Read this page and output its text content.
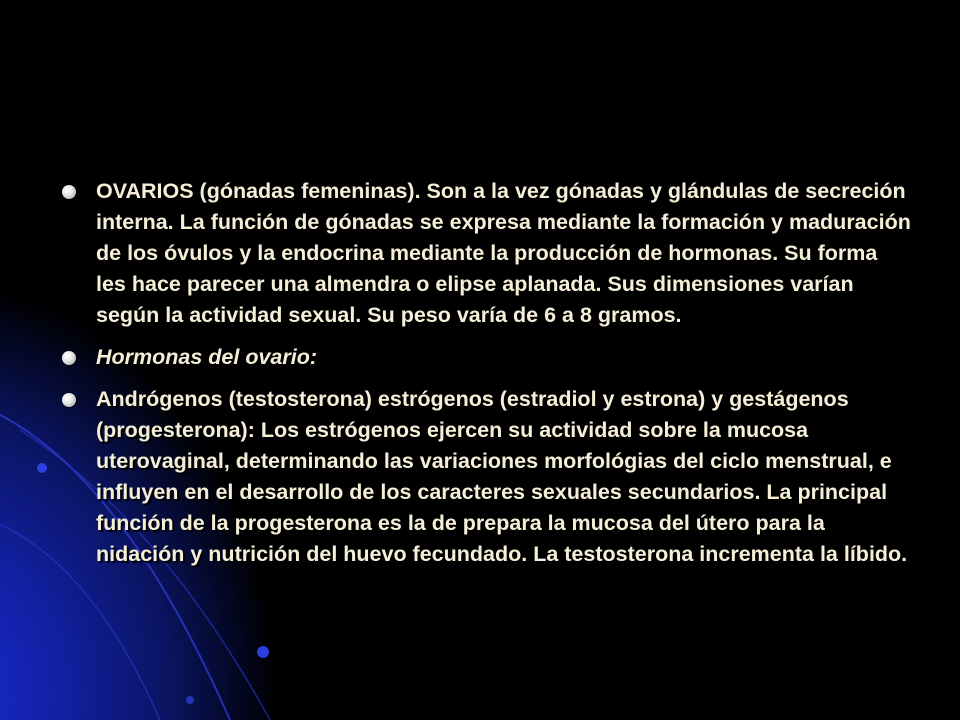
OVARIOS (gónadas femeninas). Son a la vez gónadas y glándulas de secreción interna. La función de gónadas se expresa mediante la formación y maduración de los óvulos y la endocrina mediante la producción de hormonas. Su forma les hace parecer una almendra o elipse aplanada. Sus dimensiones varían según la actividad sexual. Su peso varía de 6 a 8 gramos.
Hormonas del ovario:
Andrógenos (testosterona) estrógenos (estradiol y estrona) y gestágenos (progesterona): Los estrógenos ejercen su actividad sobre la mucosa uterovaginal, determinando las variaciones morfológias del ciclo menstrual, e influyen en el desarrollo de los caracteres sexuales secundarios. La principal función de la progesterona es la de prepara la mucosa del útero para la nidación y nutrición del huevo fecundado. La testosterona incrementa la líbido.
